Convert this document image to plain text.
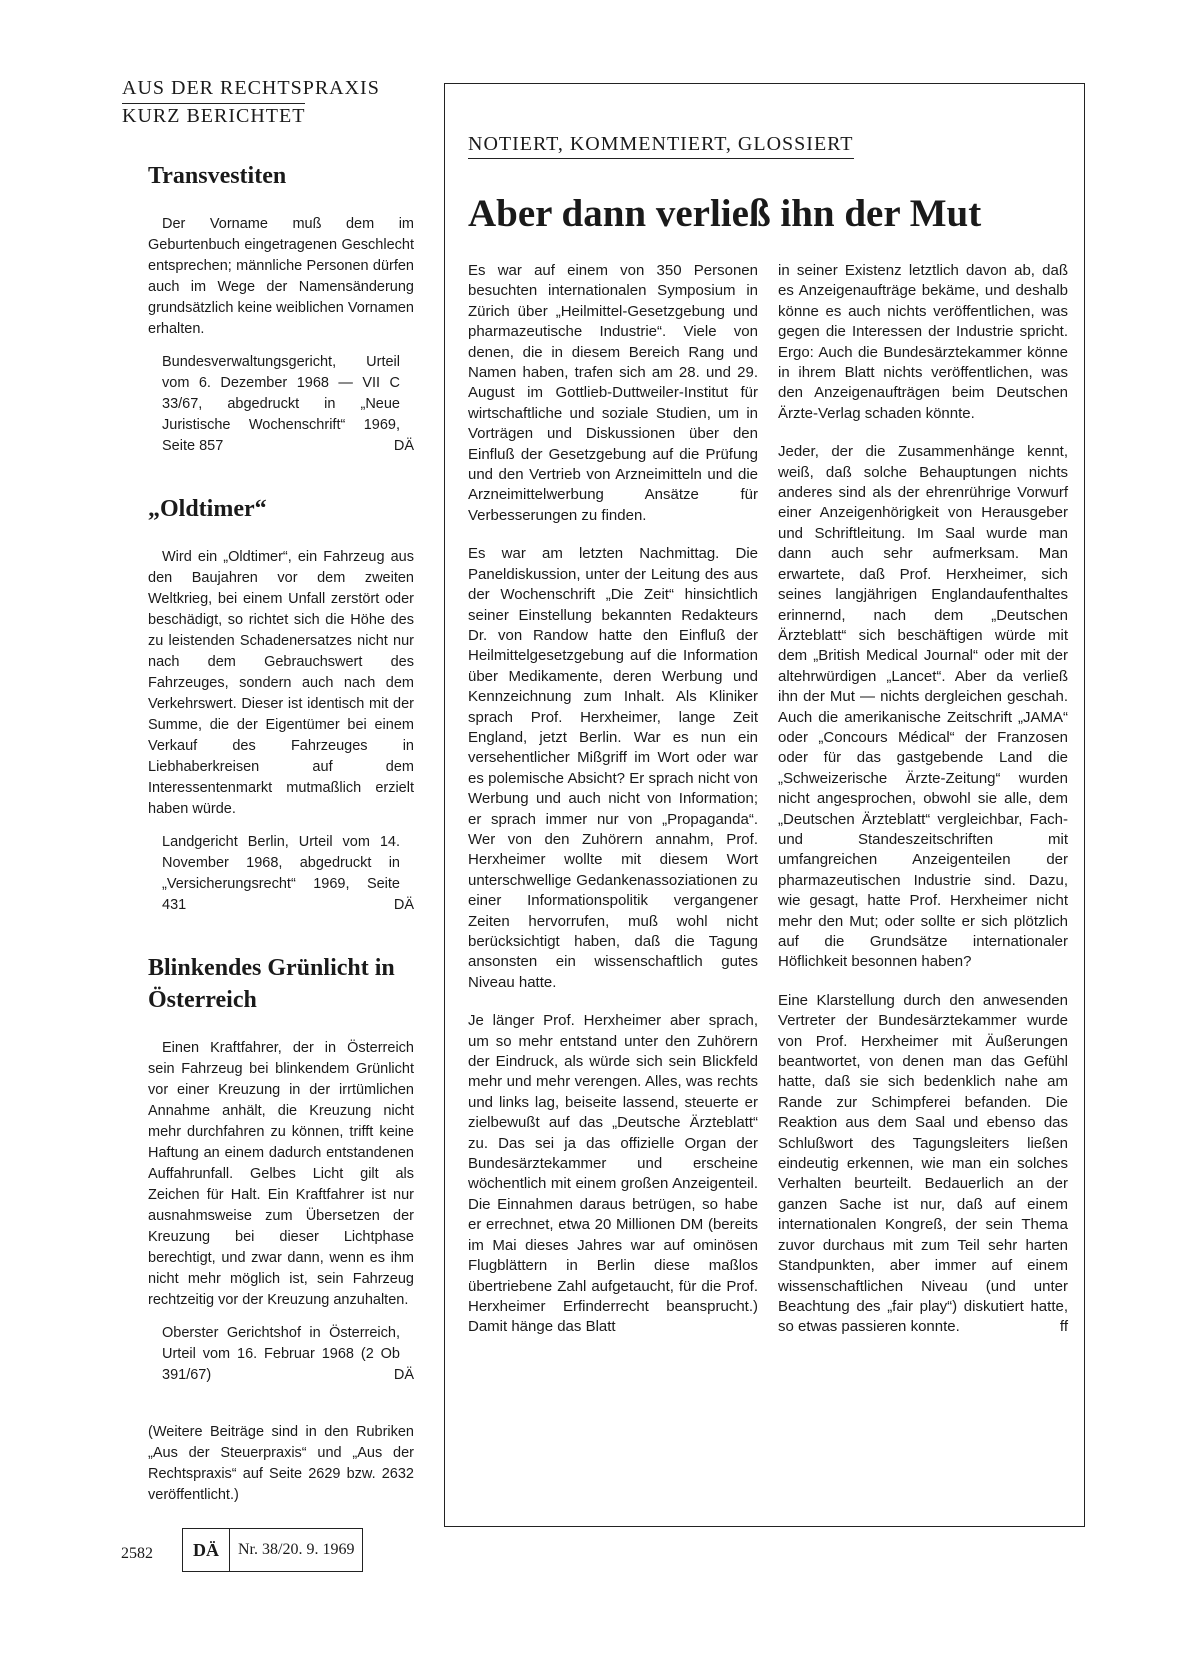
AUS DER RECHTSPRAXIS
KURZ BERICHTET
Transvestiten

Der Vorname muß dem im Geburtenbuch eingetragenen Geschlecht entsprechen; männliche Personen dürfen auch im Wege der Namensänderung grundsätzlich keine weiblichen Vornamen erhalten.

Bundesverwaltungsgericht, Urteil vom 6. Dezember 1968 — VII C 33/67, abgedruckt in „Neue Juristische Wochenschrift“ 1969, Seite 857	DÄ
„Oldtimer“

Wird ein „Oldtimer“, ein Fahrzeug aus den Baujahren vor dem zweiten Weltkrieg, bei einem Unfall zerstört oder beschädigt, so richtet sich die Höhe des zu leistenden Schadenersatzes nicht nur nach dem Gebrauchswert des Fahrzeuges, sondern auch nach dem Verkehrswert. Dieser ist identisch mit der Summe, die der Eigentümer bei einem Verkauf des Fahrzeuges in Liebhaberkreisen auf dem Interessentenmarkt mutmaßlich erzielt haben würde.

Landgericht Berlin, Urteil vom 14. November 1968, abgedruckt in „Versicherungsrecht“ 1969, Seite 431	DÄ
Blinkendes Grünlicht in Österreich

Einen Kraftfahrer, der in Österreich sein Fahrzeug bei blinkendem Grünlicht vor einer Kreuzung in der irrtümlichen Annahme anhält, die Kreuzung nicht mehr durchfahren zu können, trifft keine Haftung an einem dadurch entstandenen Auffahrunfall. Gelbes Licht gilt als Zeichen für Halt. Ein Kraftfahrer ist nur ausnahmsweise zum Übersetzen der Kreuzung bei dieser Lichtphase berechtigt, und zwar dann, wenn es ihm nicht mehr möglich ist, sein Fahrzeug rechtzeitig vor der Kreuzung anzuhalten.

Oberster Gerichtshof in Österreich, Urteil vom 16. Februar 1968 (2 Ob 391/67)	DÄ

(Weitere Beiträge sind in den Rubriken „Aus der Steuerpraxis“ und „Aus der Rechtspraxis“ auf Seite 2629 bzw. 2632 veröffentlicht.)

NOTIERT, KOMMENTIERT, GLOSSIERT
Aber dann verließ ihn der Mut

Es war auf einem von 350 Personen besuchten internationalen Symposium in Zürich über „Heilmittel-Gesetzgebung und pharmazeutische Industrie“. Viele von denen, die in diesem Bereich Rang und Namen haben, trafen sich am 28. und 29. August im Gottlieb-Duttweiler-Institut für wirtschaftliche und soziale Studien, um in Vorträgen und Diskussionen über den Einfluß der Gesetzgebung auf die Prüfung und den Vertrieb von Arzneimitteln und die Arzneimittelwerbung Ansätze für Verbesserungen zu finden.

Es war am letzten Nachmittag. Die Paneldiskussion, unter der Leitung des aus der Wochenschrift „Die Zeit“ hinsichtlich seiner Einstellung bekannten Redakteurs Dr. von Randow hatte den Einfluß der Heilmittelgesetzgebung auf die Information über Medikamente, deren Werbung und Kennzeichnung zum Inhalt. Als Kliniker sprach Prof. Herxheimer, lange Zeit England, jetzt Berlin. War es nun ein versehentlicher Mißgriff im Wort oder war es polemische Absicht? Er sprach nicht von Werbung und auch nicht von Information; er sprach immer nur von „Propaganda“. Wer von den Zuhörern annahm, Prof. Herxheimer wollte mit diesem Wort unterschwellige Gedankenassoziationen zu einer Informationspolitik vergangener Zeiten hervorrufen, muß wohl nicht berücksichtigt haben, daß die Tagung ansonsten ein wissenschaftlich gutes Niveau hatte.

Je länger Prof. Herxheimer aber sprach, um so mehr entstand unter den Zuhörern der Eindruck, als würde sich sein Blickfeld mehr und mehr verengen. Alles, was rechts und links lag, beiseite lassend, steuerte er zielbewußt auf das „Deutsche Ärzteblatt“ zu. Das sei ja das offizielle Organ der Bundesärztekammer und erscheine wöchentlich mit einem großen Anzeigenteil. Die Einnahmen daraus betrügen, so habe er errechnet, etwa 20 Millionen DM (bereits im Mai dieses Jahres war auf ominösen Flugblättern in Berlin diese maßlos übertriebene Zahl aufgetaucht, für die Prof. Herxheimer Erfinderrecht beansprucht.) Damit hänge das Blatt

in seiner Existenz letztlich davon ab, daß es Anzeigenaufträge bekäme, und deshalb könne es auch nichts veröffentlichen, was gegen die Interessen der Industrie spricht. Ergo: Auch die Bundesärztekammer könne in ihrem Blatt nichts veröffentlichen, was den Anzeigenaufträgen beim Deutschen Ärzte-Verlag schaden könnte.

Jeder, der die Zusammenhänge kennt, weiß, daß solche Behauptungen nichts anderes sind als der ehrenrührige Vorwurf einer Anzeigenhörigkeit von Herausgeber und Schriftleitung. Im Saal wurde man dann auch sehr aufmerksam. Man erwartete, daß Prof. Herxheimer, sich seines langjährigen Englandaufenthaltes erinnernd, nach dem „Deutschen Ärzteblatt“ sich beschäftigen würde mit dem „British Medical Journal“ oder mit der altehrwürdigen „Lancet“. Aber da verließ ihn der Mut — nichts dergleichen geschah. Auch die amerikanische Zeitschrift „JAMA“ oder „Concours Médical“ der Franzosen oder für das gastgebende Land die „Schweizerische Ärzte-Zeitung“ wurden nicht angesprochen, obwohl sie alle, dem „Deutschen Ärzteblatt“ vergleichbar, Fach- und Standeszeitschriften mit umfangreichen Anzeigenteilen der pharmazeutischen Industrie sind. Dazu, wie gesagt, hatte Prof. Herxheimer nicht mehr den Mut; oder sollte er sich plötzlich auf die Grundsätze internationaler Höflichkeit besonnen haben?

Eine Klarstellung durch den anwesenden Vertreter der Bundesärztekammer wurde von Prof. Herxheimer mit Äußerungen beantwortet, von denen man das Gefühl hatte, daß sie sich bedenklich nahe am Rande zur Schimpferei befanden. Die Reaktion aus dem Saal und ebenso das Schlußwort des Tagungsleiters ließen eindeutig erkennen, wie man ein solches Verhalten beurteilt. Bedauerlich an der ganzen Sache ist nur, daß auf einem internationalen Kongreß, der sein Thema zuvor durchaus mit zum Teil sehr harten Standpunkten, aber immer auf einem wissenschaftlichen Niveau (und unter Beachtung des „fair play“) diskutiert hatte, so etwas passieren konnte.	ff

2582	DÄ	Nr. 38/20. 9. 1969
